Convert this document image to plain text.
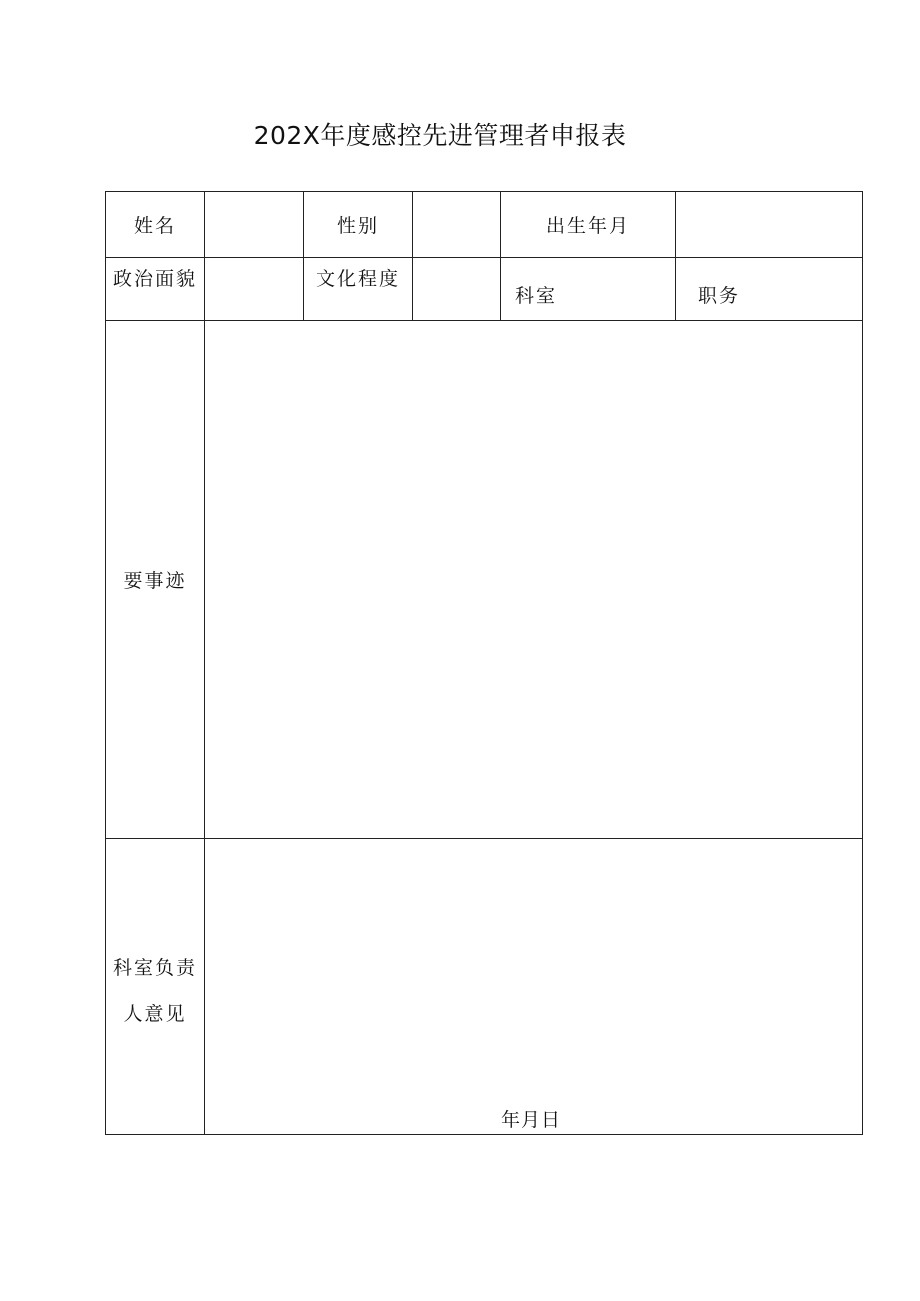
202X年度感控先进管理者申报表
姓名		性别		出生年月	
政治面貌		文化程度		科室	职务
要事迹					

科室负责
人意见	年月日				
